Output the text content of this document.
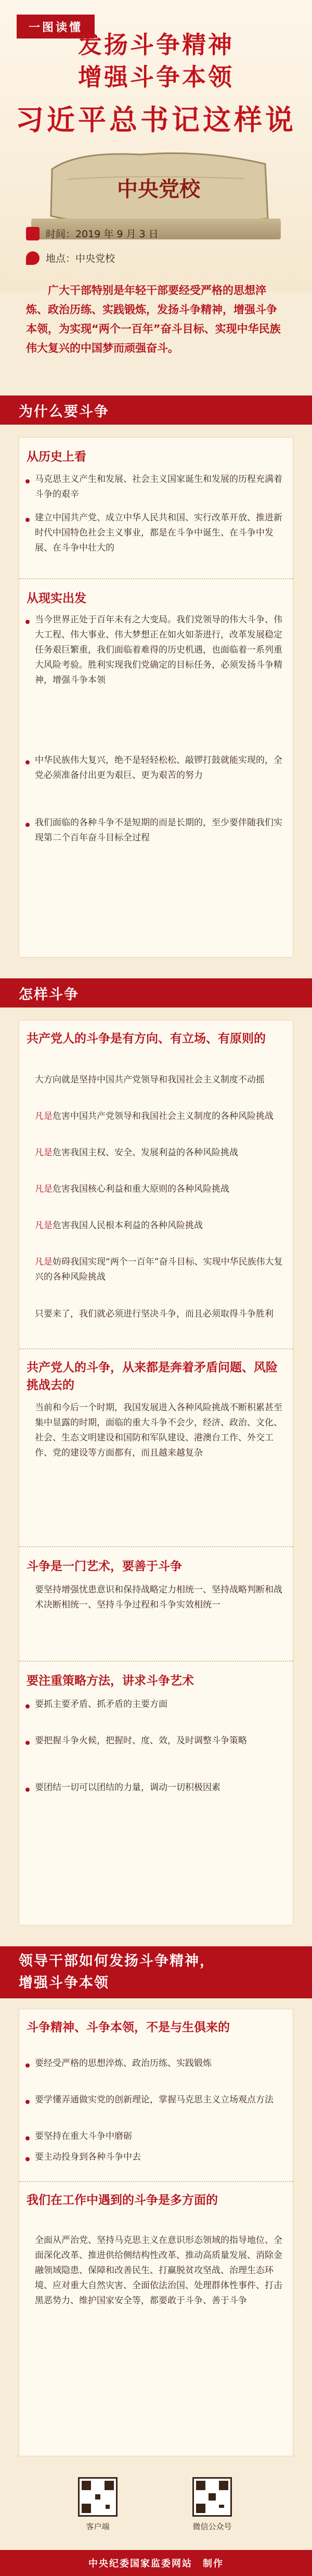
一图读懂
发扬斗争精神
增强斗争本领
习近平总书记这样说
中央党校
时间：2019 年 9 月 3 日
地点：中央党校
广大干部特别是年轻干部要经受严格的思想淬炼、政治历练、实践锻炼，发扬斗争精神，增强斗争本领，为实现“两个一百年”奋斗目标、实现中华民族伟大复兴的中国梦而顽强奋斗。
为什么要斗争
从历史上看
马克思主义产生和发展、社会主义国家诞生和发展的历程充满着斗争的艰辛
建立中国共产党、成立中华人民共和国、实行改革开放、推进新时代中国特色社会主义事业，都是在斗争中诞生、在斗争中发展、在斗争中壮大的
从现实出发
当今世界正处于百年未有之大变局。我们党领导的伟大斗争、伟大工程、伟大事业、伟大梦想正在如火如荼进行，改革发展稳定任务艰巨繁重，我们面临着难得的历史机遇，也面临着一系列重大风险考验。胜利实现我们党确定的目标任务，必须发扬斗争精神，增强斗争本领
中华民族伟大复兴，绝不是轻轻松松、敲锣打鼓就能实现的，全党必须准备付出更为艰巨、更为艰苦的努力
我们面临的各种斗争不是短期的而是长期的，至少要伴随我们实现第二个百年奋斗目标全过程
怎样斗争
共产党人的斗争是有方向、有立场、有原则的
大方向就是坚持中国共产党领导和我国社会主义制度不动摇
凡是危害中国共产党领导和我国社会主义制度的各种风险挑战
凡是危害我国主权、安全、发展利益的各种风险挑战
凡是危害我国核心利益和重大原则的各种风险挑战
凡是危害我国人民根本利益的各种风险挑战
凡是妨碍我国实现“两个一百年”奋斗目标、实现中华民族伟大复兴的各种风险挑战
只要来了，我们就必须进行坚决斗争，而且必须取得斗争胜利
共产党人的斗争，从来都是奔着矛盾问题、风险挑战去的
当前和今后一个时期，我国发展进入各种风险挑战不断积累甚至集中显露的时期，面临的重大斗争不会少，经济、政治、文化、社会、生态文明建设和国防和军队建设、港澳台工作、外交工作、党的建设等方面都有，而且越来越复杂
斗争是一门艺术，要善于斗争
要坚持增强忧患意识和保持战略定力相统一、坚持战略判断和战术决断相统一、坚持斗争过程和斗争实效相统一
要注重策略方法，讲求斗争艺术
要抓主要矛盾、抓矛盾的主要方面
要把握斗争火候，把握时、度、效，及时调整斗争策略
要团结一切可以团结的力量，调动一切积极因素
领导干部如何发扬斗争精神，
增强斗争本领
斗争精神、斗争本领，不是与生俱来的
要经受严格的思想淬炼、政治历练、实践锻炼
要学懂弄通做实党的创新理论，掌握马克思主义立场观点方法
要坚持在重大斗争中磨砺
要主动投身到各种斗争中去
我们在工作中遇到的斗争是多方面的
全面从严治党、坚持马克思主义在意识形态领域的指导地位、全面深化改革、推进供给侧结构性改革、推动高质量发展、消除金融领域隐患、保障和改善民生、打赢脱贫攻坚战、治理生态环境、应对重大自然灾害、全面依法治国、处理群体性事件、打击黑恶势力、维护国家安全等，都要敢于斗争、善于斗争
客户端	微信公众号
中央纪委国家监委网站　制作
